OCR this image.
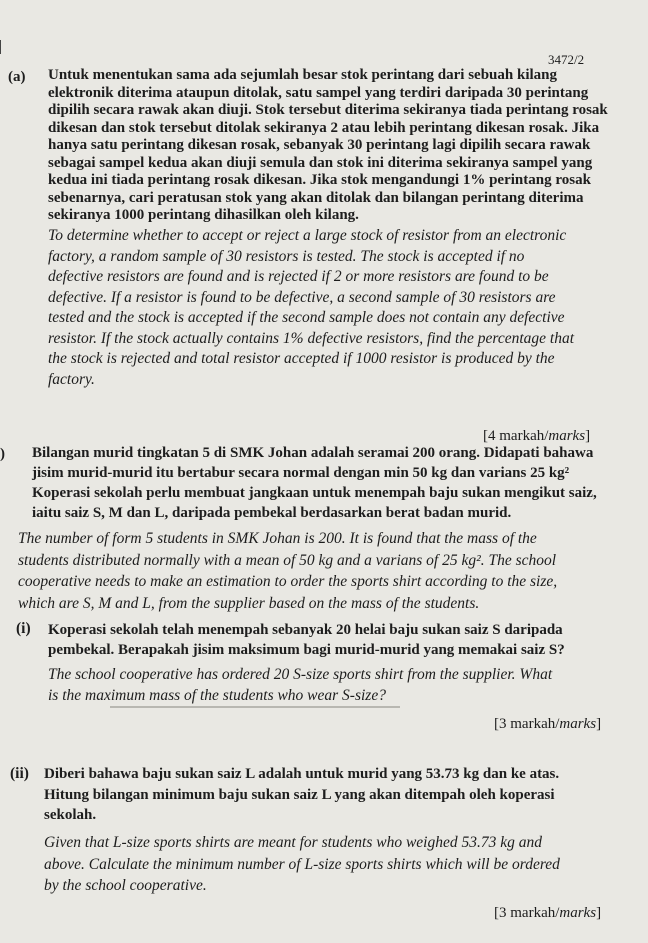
3472/2
(a) Untuk menentukan sama ada sejumlah besar stok perintang dari sebuah kilang
elektronik diterima ataupun ditolak, satu sampel yang terdiri daripada 30 perintang
dipilih secara rawak akan diuji. Stok tersebut diterima sekiranya tiada perintang rosak
dikesan dan stok tersebut ditolak sekiranya 2 atau lebih perintang dikesan rosak. Jika
hanya satu perintang dikesan rosak, sebanyak 30 perintang lagi dipilih secara rawak
sebagai sampel kedua akan diuji semula dan stok ini diterima sekiranya sampel yang
kedua ini tiada perintang rosak dikesan. Jika stok mengandungi 1% perintang rosak
sebenarnya, cari peratusan stok yang akan ditolak dan bilangan perintang diterima
sekiranya 1000 perintang dihasilkan oleh kilang.
To determine whether to accept or reject a large stock of resistor from an electronic
factory, a random sample of 30 resistors is tested. The stock is accepted if no
defective resistors are found and is rejected if 2 or more resistors are found to be
defective. If a resistor is found to be defective, a second sample of 30 resistors are
tested and the stock is accepted if the second sample does not contain any defective
resistor. If the stock actually contains 1% defective resistors, find the percentage that
the stock is rejected and total resistor accepted if 1000 resistor is produced by the
factory.
[4 markah/marks]
) Bilangan murid tingkatan 5 di SMK Johan adalah seramai 200 orang. Didapati bahawa
jisim murid-murid itu bertabur secara normal dengan min 50 kg dan varians 25 kg²
Koperasi sekolah perlu membuat jangkaan untuk menempah baju sukan mengikut saiz,
iaitu saiz S, M dan L, daripada pembekal berdasarkan berat badan murid.
The number of form 5 students in SMK Johan is 200. It is found that the mass of the
students distributed normally with a mean of 50 kg and a varians of 25 kg². The school
cooperative needs to make an estimation to order the sports shirt according to the size,
which are S, M and L, from the supplier based on the mass of the students.
(i) Koperasi sekolah telah menempah sebanyak 20 helai baju sukan saiz S daripada
pembekal. Berapakah jisim maksimum bagi murid-murid yang memakai saiz S?
The school cooperative has ordered 20 S-size sports shirt from the supplier. What
is the maximum mass of the students who wear S-size?
[3 markah/marks]
(ii) Diberi bahawa baju sukan saiz L adalah untuk murid yang 53.73 kg dan ke atas.
Hitung bilangan minimum baju sukan saiz L yang akan ditempah oleh koperasi
sekolah.
Given that L-size sports shirts are meant for students who weighed 53.73 kg and
above. Calculate the minimum number of L-size sports shirts which will be ordered
by the school cooperative.
[3 markah/marks]
